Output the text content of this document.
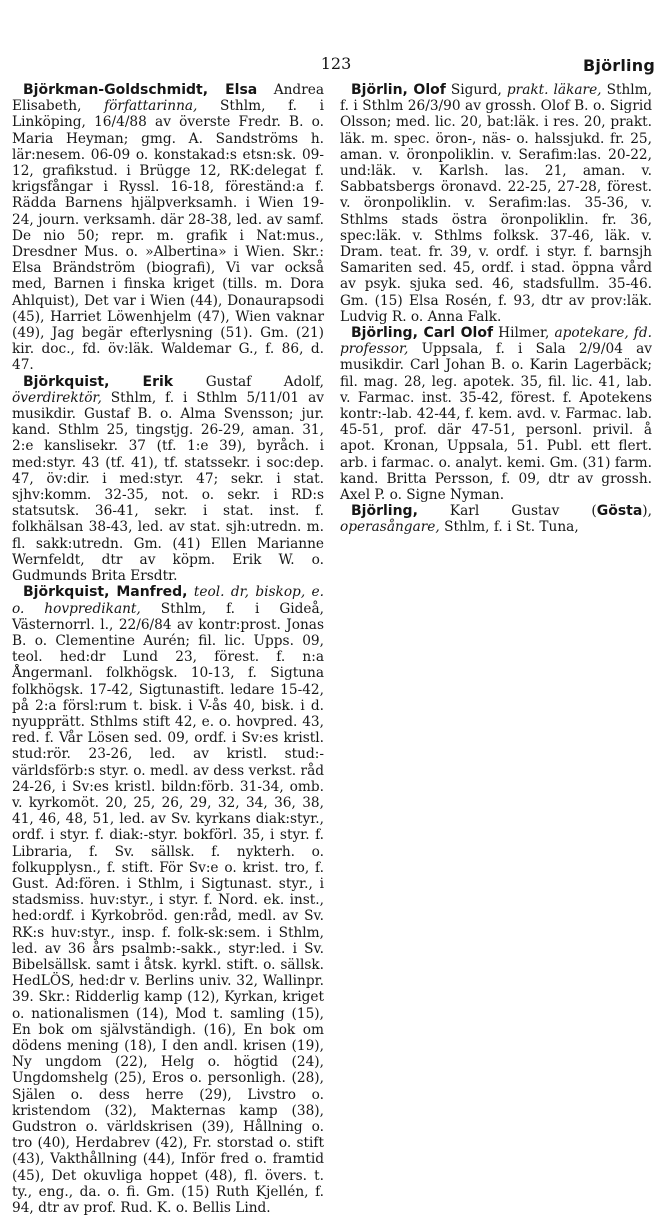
123	Björling

Björkman-Goldschmidt, Elsa Andrea Elisabeth, författarinna, Sthlm, f. i Linköping, 16/4/88 av överste Fredr. B. o. Maria Heyman; gmg. A. Sandströms h. lär:nesem. 06-09 o. konstakad:s etsn:sk. 09-12, grafikstud. i Brügge 12, RK:delegat f. krigsfångar i Ryssl. 16-18, föreständ:a f. Rädda Barnens hjälpverksamh. i Wien 19-24, journ. verksamh. där 28-38, led. av samf. De nio 50; repr. m. grafik i Nat:mus., Dresdner Mus. o. »Albertina» i Wien. Skr.: Elsa Brändström (biografi), Vi var också med, Barnen i finska kriget (tills. m. Dora Ahlquist), Det var i Wien (44), Donaurapsodi (45), Harriet Löwenhjelm (47), Wien vaknar (49), Jag begär efterlysning (51). Gm. (21) kir. doc., fd. öv:läk. Waldemar G., f. 86, d. 47.

Björkquist, Erik Gustaf Adolf, överdirektör, Sthlm, f. i Sthlm 5/11/01 av musikdir. Gustaf B. o. Alma Svensson; jur. kand. Sthlm 25, tingstjg. 26-29, aman. 31, 2:e kanslisekr. 37 (tf. 1:e 39), byråch. i med:styr. 43 (tf. 41), tf. statssekr. i soc:dep. 47, öv:dir. i med:styr. 47; sekr. i stat. sjhv:komm. 32-35, not. o. sekr. i RD:s statsutsk. 36-41, sekr. i stat. inst. f. folkhälsan 38-43, led. av stat. sjh:utredn. m. fl. sakk:utredn. Gm. (41) Ellen Marianne Wernfeldt, dtr av köpm. Erik W. o. Gudmunds Brita Ersdtr.

Björkquist, Manfred, teol. dr, biskop, e. o. hovpredikant, Sthlm, f. i Gideå, Västernorrl. l., 22/6/84 av kontr:prost. Jonas B. o. Clementine Aurén; fil. lic. Upps. 09, teol. hed:dr Lund 23, förest. f. n:a Ångermanl. folkhögsk. 10-13, f. Sigtuna folkhögsk. 17-42, Sigtunastift. ledare 15-42, på 2:a försl:rum t. bisk. i V-ås 40, bisk. i d. nyupprätt. Sthlms stift 42, e. o. hovpred. 43, red. f. Vår Lösen sed. 09, ordf. i Sv:es kristl. stud:rör. 23-26, led. av kristl. stud:-världsförb:s styr. o. medl. av dess verkst. råd 24-26, i Sv:es kristl. bildn:förb. 31-34, omb. v. kyrkomöt. 20, 25, 26, 29, 32, 34, 36, 38, 41, 46, 48, 51, led. av Sv. kyrkans diak:styr., ordf. i styr. f. diak:-styr. bokförl. 35, i styr. f. Libraria, f. Sv. sällsk. f. nykterh. o. folkupplysn., f. stift. För Sv:e o. krist. tro, f. Gust. Ad:fören. i Sthlm, i Sigtunast. styr., i stadsmiss. huv:styr., i styr. f. Nord. ek. inst., hed:ordf. i Kyrkobröd. gen:råd, medl. av Sv. RK:s huv:styr., insp. f. folk-sk:sem. i Sthlm, led. av 36 års psalmb:-sakk., styr:led. i Sv. Bibelsällsk. samt i åtsk. kyrkl. stift. o. sällsk. HedLÖS, hed:dr v. Berlins univ. 32, Wallinpr. 39. Skr.: Ridderlig kamp (12), Kyrkan, kriget o. nationalismen (14), Mod t. samling (15), En bok om självständigh. (16), En bok om dödens mening (18), I den andl. krisen (19), Ny ungdom (22), Helg o. högtid (24), Ungdomshelg (25), Eros o. personligh. (28), Själen o. dess herre (29), Livstro o. kristendom (32), Makternas kamp (38), Gudstron o. världskrisen (39), Hållning o. tro (40), Herdabrev (42), Fr. storstad o. stift (43), Vakthållning (44), Inför fred o. framtid (45), Det okuvliga hoppet (48), fl. övers. t. ty., eng., da. o. fi. Gm. (15) Ruth Kjellén, f. 94, dtr av prof. Rud. K. o. Bellis Lind.

Björlin, Olof Sigurd, prakt. läkare, Sthlm, f. i Sthlm 26/3/90 av grossh. Olof B. o. Sigrid Olsson; med. lic. 20, bat:läk. i res. 20, prakt. läk. m. spec. öron-, näs- o. halssjukd. fr. 25, aman. v. öronpoliklin. v. Serafim:las. 20-22, und:läk. v. Karlsh. las. 21, aman. v. Sabbatsbergs öronavd. 22-25, 27-28, förest. v. öronpoliklin. v. Serafim:las. 35-36, v. Sthlms stads östra öronpoliklin. fr. 36, spec:läk. v. Sthlms folksk. 37-46, läk. v. Dram. teat. fr. 39, v. ordf. i styr. f. barnsjh Samariten sed. 45, ordf. i stad. öppna vård av psyk. sjuka sed. 46, stadsfullm. 35-46. Gm. (15) Elsa Rosén, f. 93, dtr av prov:läk. Ludvig R. o. Anna Falk.

Björling, Carl Olof Hilmer, apotekare, fd. professor, Uppsala, f. i Sala 2/9/04 av musikdir. Carl Johan B. o. Karin Lagerbäck; fil. mag. 28, leg. apotek. 35, fil. lic. 41, lab. v. Farmac. inst. 35-42, förest. f. Apotekens kontr:-lab. 42-44, f. kem. avd. v. Farmac. lab. 45-51, prof. där 47-51, personl. privil. å apot. Kronan, Uppsala, 51. Publ. ett flert. arb. i farmac. o. analyt. kemi. Gm. (31) farm. kand. Britta Persson, f. 09, dtr av grossh. Axel P. o. Signe Nyman.

Björling, Karl Gustav (Gösta), operasångare, Sthlm, f. i St. Tuna,
